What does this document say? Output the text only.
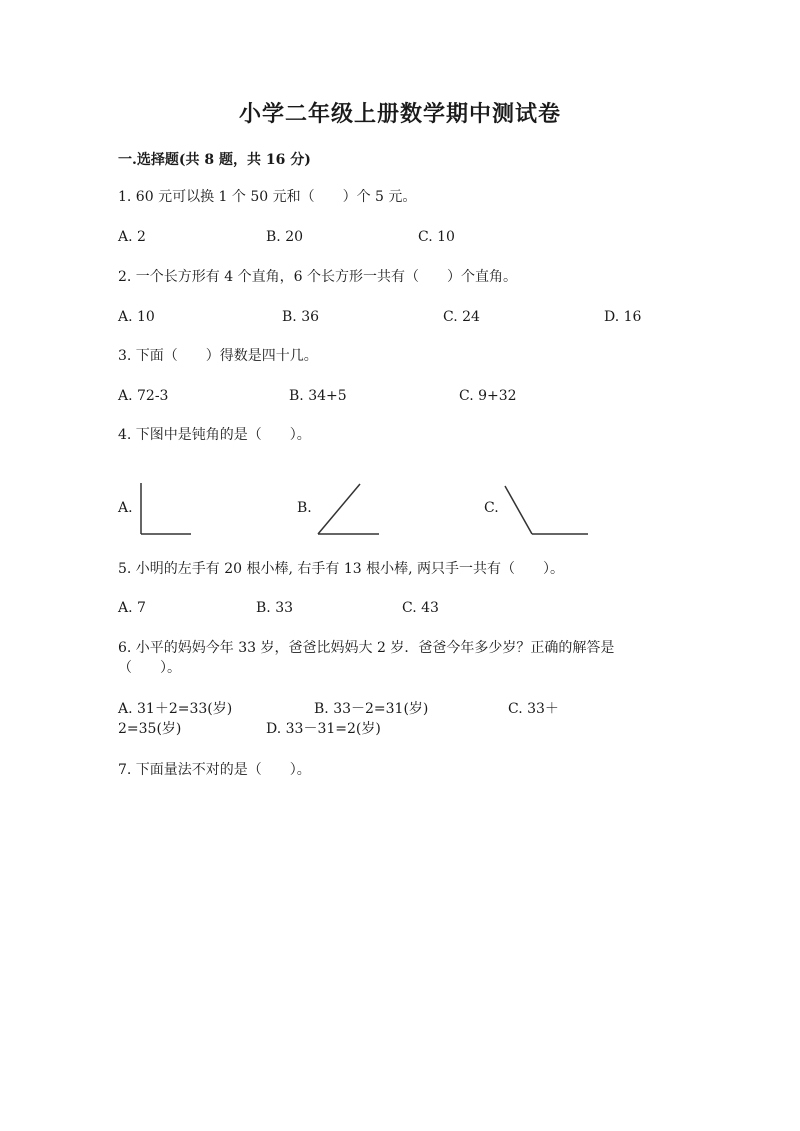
小学二年级上册数学期中测试卷
一.选择题(共 8 题，共 16 分)
1. 60 元可以换 1 个 50 元和（　　）个 5 元。
A. 2	B. 20	C. 10
2. 一个长方形有 4 个直角，6 个长方形一共有（　　）个直角。
A. 10	B. 36	C. 24	D. 16
3. 下面（　　）得数是四十几。
A. 72-3	B. 34+5	C. 9+32
4. 下图中是钝角的是（　　）。
A.	B.	C.
5. 小明的左手有 20 根小棒, 右手有 13 根小棒, 两只手一共有（　　）。
A. 7	B. 33	C. 43
6. 小平的妈妈今年 33 岁，爸爸比妈妈大 2 岁．爸爸今年多少岁？正确的解答是
（　　）。
A. 31＋2=33(岁)	B. 33－2=31(岁)	C. 33＋
2=35(岁)	D. 33－31=2(岁)
7. 下面量法不对的是（　　）。
